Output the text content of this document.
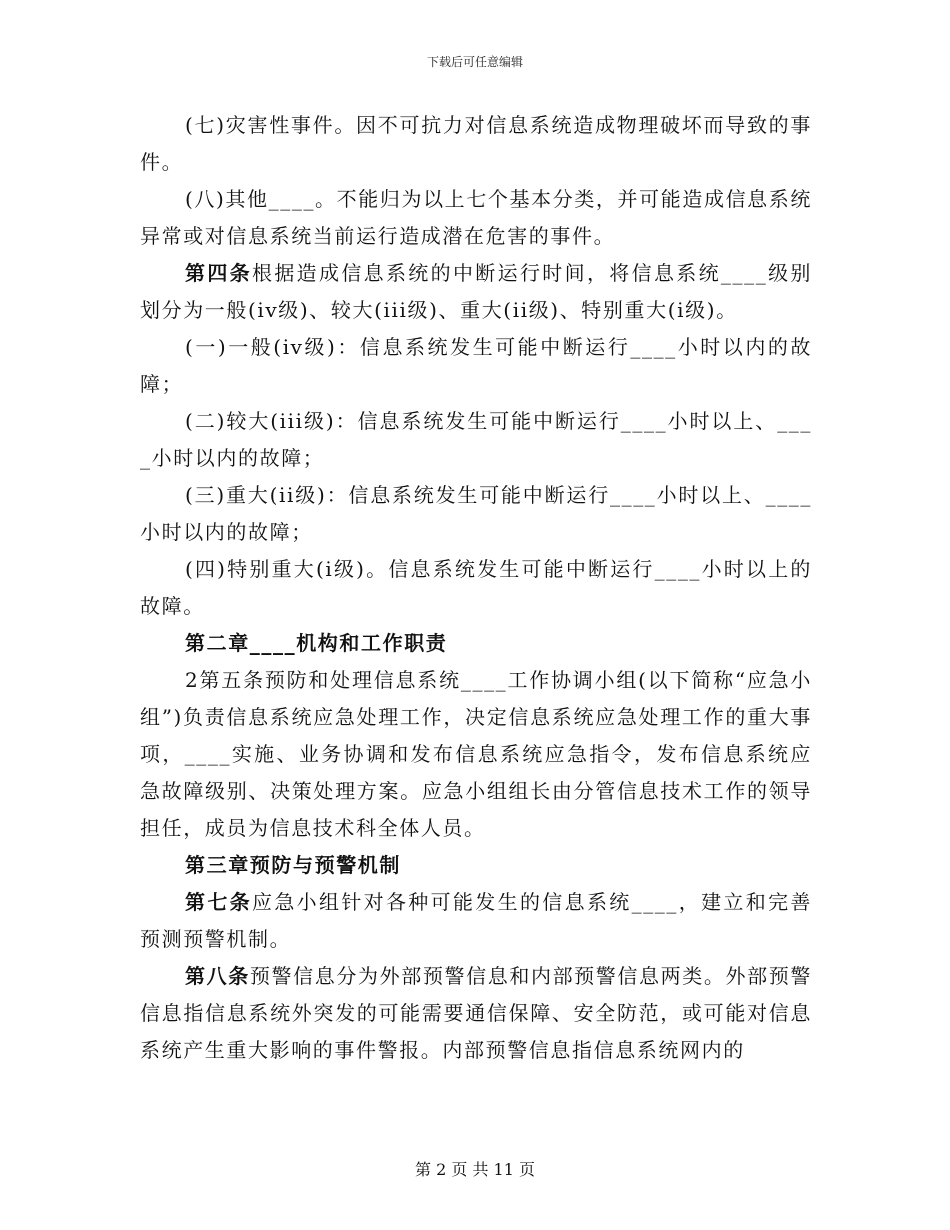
下载后可任意编辑

(七)灾害性事件。因不可抗力对信息系统造成物理破坏而导致的事件。

(八)其他____。不能归为以上七个基本分类，并可能造成信息系统异常或对信息系统当前运行造成潜在危害的事件。

第四条根据造成信息系统的中断运行时间，将信息系统____级别划分为一般(iv级)、较大(iii级)、重大(ii级)、特别重大(i级)。

(一)一般(iv级)：信息系统发生可能中断运行____小时以内的故障；

(二)较大(iii级)：信息系统发生可能中断运行____小时以上、____小时以内的故障；

(三)重大(ii级)：信息系统发生可能中断运行____小时以上、____小时以内的故障；

(四)特别重大(i级)。信息系统发生可能中断运行____小时以上的故障。

第二章____机构和工作职责

2第五条预防和处理信息系统____工作协调小组(以下简称“应急小组”)负责信息系统应急处理工作，决定信息系统应急处理工作的重大事项，____实施、业务协调和发布信息系统应急指令，发布信息系统应急故障级别、决策处理方案。应急小组组长由分管信息技术工作的领导担任，成员为信息技术科全体人员。

第三章预防与预警机制

第七条应急小组针对各种可能发生的信息系统____，建立和完善预测预警机制。

第八条预警信息分为外部预警信息和内部预警信息两类。外部预警信息指信息系统外突发的可能需要通信保障、安全防范，或可能对信息系统产生重大影响的事件警报。内部预警信息指信息系统网内的

第 2 页 共 11 页
